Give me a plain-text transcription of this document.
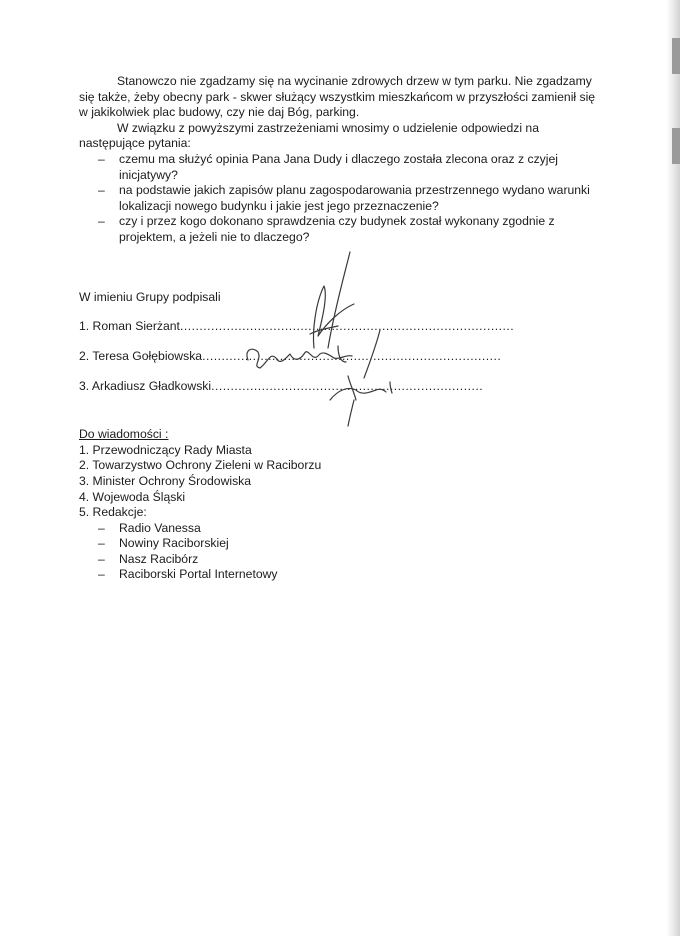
Stanowczo nie zgadzamy się na wycinanie zdrowych drzew w tym parku. Nie zgadzamy się także, żeby obecny park - skwer służący wszystkim mieszkańcom w przyszłości zamienił się w jakikolwiek plac budowy, czy nie daj Bóg, parking.

W związku z powyższymi zastrzeżeniami wnosimy o udzielenie odpowiedzi na następujące pytania:

– czemu ma służyć opinia Pana Jana Dudy i dlaczego została zlecona oraz z czyjej inicjatywy?
– na podstawie jakich zapisów planu zagospodarowania przestrzennego wydano warunki lokalizacji nowego budynku i jakie jest jego przeznaczenie?
– czy i przez kogo dokonano sprawdzenia czy budynek został wykonany zgodnie z projektem, a jeżeli nie to dlaczego?

W imieniu Grupy podpisali

1. Roman Sierżant......................................................................................
2. Teresa Gołębiowska.............................................................................
3. Arkadiusz Gładkowski......................................................................

Do wiadomości :

1. Przewodniczący Rady Miasta
2. Towarzystwo Ochrony Zieleni w Raciborzu
3. Minister Ochrony Środowiska
4. Wojewoda Śląski
5. Redakcje:
– Radio Vanessa
– Nowiny Raciborskiej
– Nasz Racibórz
– Raciborski Portal Internetowy
